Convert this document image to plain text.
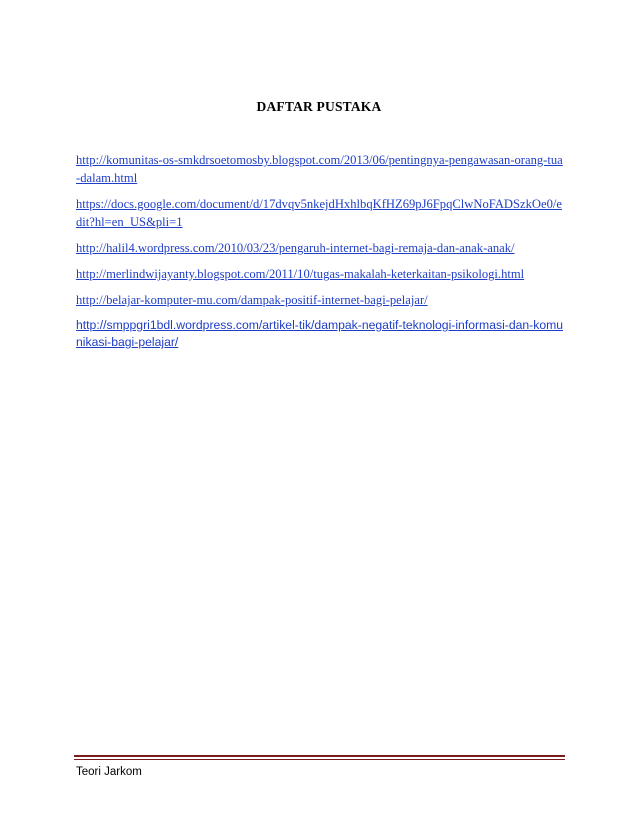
DAFTAR PUSTAKA
http://komunitas-os-smkdrsoetomosby.blogspot.com/2013/06/pentingnya-pengawasan-orang-tua-dalam.html
https://docs.google.com/document/d/17dvqv5nkejdHxhlbqKfHZ69pJ6FpqClwNoFADSzkOe0/edit?hl=en_US&pli=1
http://halil4.wordpress.com/2010/03/23/pengaruh-internet-bagi-remaja-dan-anak-anak/
http://merlindwijayanty.blogspot.com/2011/10/tugas-makalah-keterkaitan-psikologi.html
http://belajar-komputer-mu.com/dampak-positif-internet-bagi-pelajar/
http://smppgri1bdl.wordpress.com/artikel-tik/dampak-negatif-teknologi-informasi-dan-komunikasi-bagi-pelajar/
Teori Jarkom
